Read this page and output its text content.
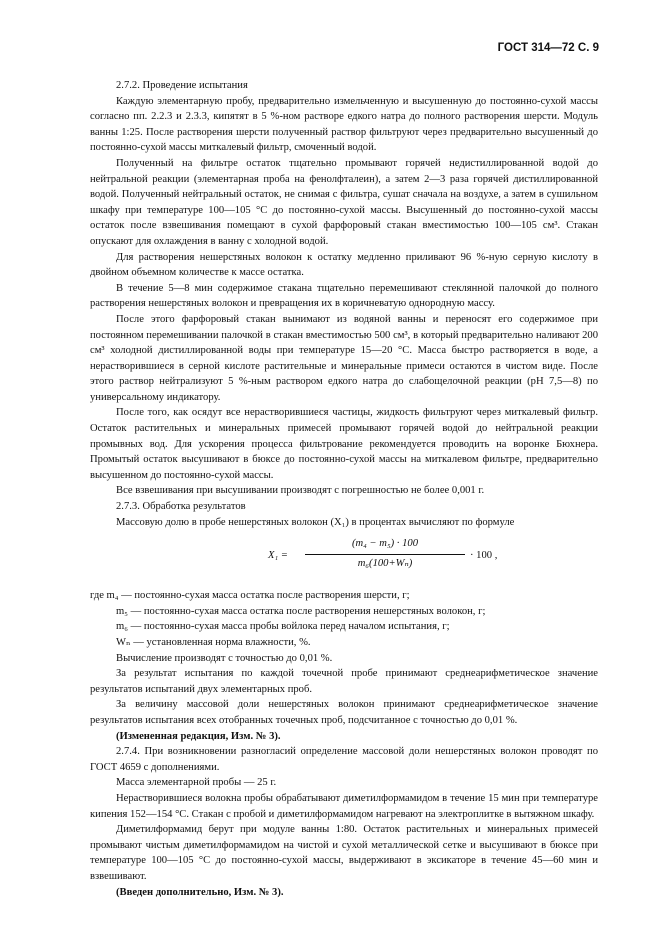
ГОСТ 314—72 С. 9

2.7.2. Проведение испытания

Каждую элементарную пробу, предварительно измельченную и высушенную до постоянно-сухой массы согласно пп. 2.2.3 и 2.3.3, кипятят в 5 %-ном растворе едкого натра до полного растворения шерсти. Модуль ванны 1:25. После растворения шерсти полученный раствор фильтруют через предварительно высушенный до постоянно-сухой массы миткалевый фильтр, смоченный водой.

Полученный на фильтре остаток тщательно промывают горячей недистиллированной водой до нейтральной реакции (элементарная проба на фенолфталеин), а затем 2—3 раза горячей дистиллированной водой. Полученный нейтральный остаток, не снимая с фильтра, сушат сначала на воздухе, а затем в сушильном шкафу при температуре 100—105 °С до постоянно-сухой массы. Высушенный до постоянно-сухой массы остаток после взвешивания помещают в сухой фарфоровый стакан вместимостью 100—105 см³. Стакан опускают для охлаждения в ванну с холодной водой.

Для растворения нешерстяных волокон к остатку медленно приливают 96 %-ную серную кислоту в двойном объемном количестве к массе остатка.

В течение 5—8 мин содержимое стакана тщательно перемешивают стеклянной палочкой до полного растворения нешерстяных волокон и превращения их в коричневатую однородную массу.

После этого фарфоровый стакан вынимают из водяной ванны и переносят его содержимое при постоянном перемешивании палочкой в стакан вместимостью 500 см³, в который предварительно наливают 200 см³ холодной дистиллированной воды при температуре 15—20 °С. Масса быстро растворяется в воде, а нерастворившиеся в серной кислоте растительные и минеральные примеси остаются в чистом виде. После этого раствор нейтрализуют 5 %-ным раствором едкого натра до слабощелочной реакции (рН 7,5—8) по универсальному индикатору.

После того, как осядут все нерастворившиеся частицы, жидкость фильтруют через миткалевый фильтр. Остаток растительных и минеральных примесей промывают горячей водой до нейтральной реакции промывных вод. Для ускорения процесса фильтрование рекомендуется проводить на воронке Бюхнера. Промытый остаток высушивают в бюксе до постоянно-сухой массы на миткалевом фильтре, предварительно высушенном до постоянно-сухой массы.

Все взвешивания при высушивании производят с погрешностью не более 0,001 г.

2.7.3. Обработка результатов

Массовую долю в пробе нешерстяных волокон (X₁) в процентах вычисляют по формуле

X₁ =
(m₄ − m₅) · 100
m₆(100+Wₙ)
· 100 ,

где m₄ — постоянно-сухая масса остатка после растворения шерсти, г;

m₅ — постоянно-сухая масса остатка после растворения нешерстяных волокон, г;

m₆ — постоянно-сухая масса пробы войлока перед началом испытания, г;

Wₙ — установленная норма влажности, %.

Вычисление производят с точностью до 0,01 %.

За результат испытания по каждой точечной пробе принимают среднеарифметическое значение результатов испытаний двух элементарных проб.

За величину массовой доли нешерстяных волокон принимают среднеарифметическое значение результатов испытания всех отобранных точечных проб, подсчитанное с точностью до 0,01 %.

(Измененная редакция, Изм. № 3).

2.7.4. При возникновении разногласий определение массовой доли нешерстяных волокон проводят по ГОСТ 4659 с дополнениями.

Масса элементарной пробы — 25 г.

Нерастворившиеся волокна пробы обрабатывают диметилформамидом в течение 15 мин при температуре кипения 152—154 °С. Стакан с пробой и диметилформамидом нагревают на электроплитке в вытяжном шкафу.

Диметилформамид берут при модуле ванны 1:80. Остаток растительных и минеральных примесей промывают чистым диметилформамидом на чистой и сухой металлической сетке и высушивают в бюксе при температуре 100—105 °С до постоянно-сухой массы, выдерживают в эксикаторе в течение 45—60 мин и взвешивают.

(Введен дополнительно, Изм. № 3).
